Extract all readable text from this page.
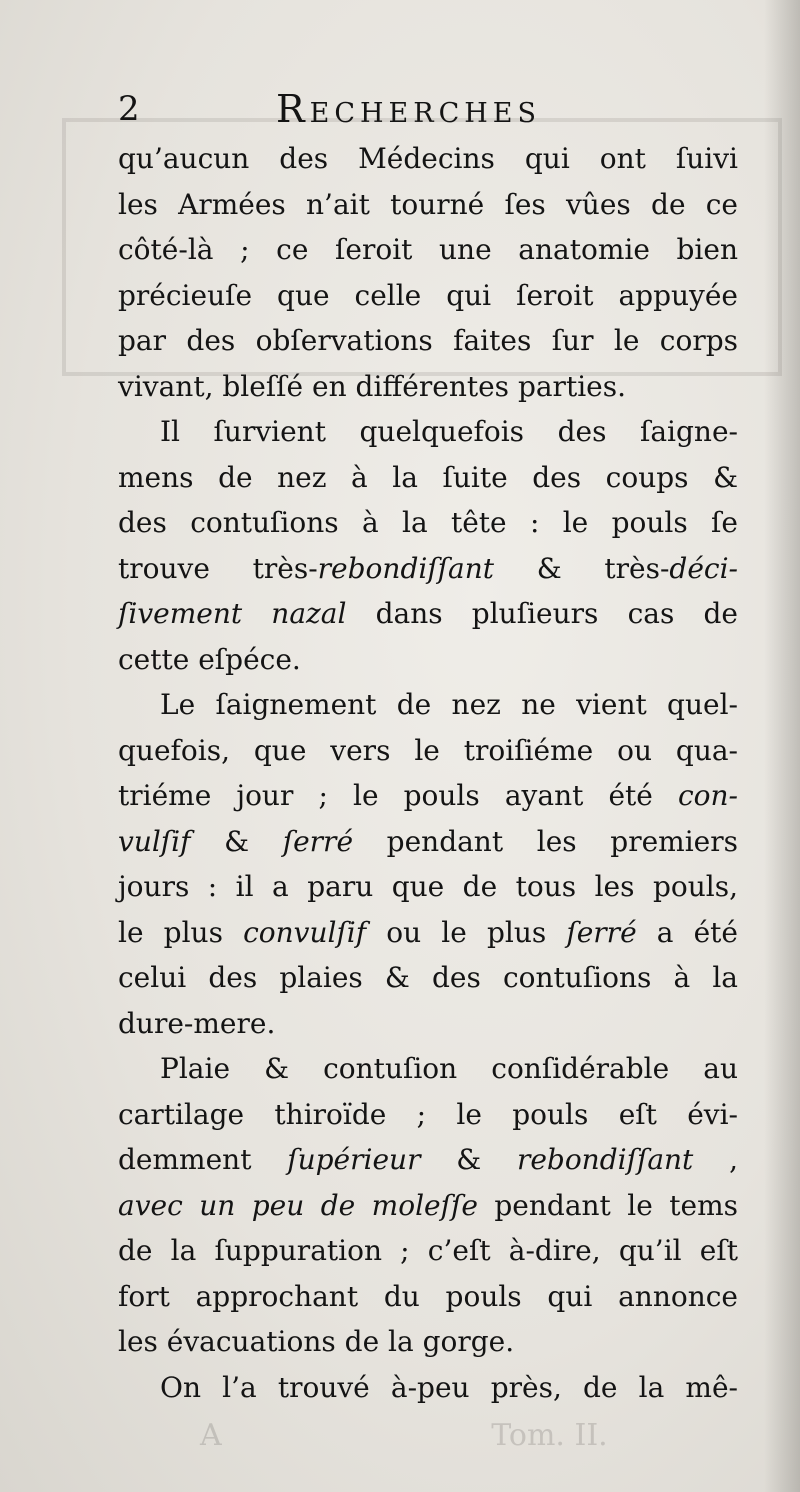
2	Recherches
qu’aucun des Médecins qui ont ſuivi
les Armées n’ait tourné ſes vûes de ce
côté-là ; ce ſeroit une anatomie bien
précieuſe que celle qui ſeroit appuyée
par des obſervations faites ſur le corps
vivant, bleſſé en différentes parties.
Il ſurvient quelquefois des ſaigne-
mens de nez à la ſuite des coups &
des contuſions à la tête : le pouls ſe
trouve très-rebondiſſant & très-déci-
ſivement nazal dans pluſieurs cas de
cette eſpéce.
Le ſaignement de nez ne vient quel-
quefois, que vers le troiſiéme ou qua-
triéme jour ; le pouls ayant été con-
vulſif & ſerré pendant les premiers
jours : il a paru que de tous les pouls,
le plus convulſif ou le plus ſerré a été
celui des plaies & des contuſions à la
dure-mere.
Plaie & contuſion conſidérable au
cartilage thiroïde ; le pouls eſt évi-
demment ſupérieur & rebondiſſant ,
avec un peu de moleſſe pendant le tems
de la ſuppuration ; c’eſt à-dire, qu’il eſt
fort approchant du pouls qui annonce
les évacuations de la gorge.
On l’a trouvé à-peu près, de la mê-
A	Tom. II.
